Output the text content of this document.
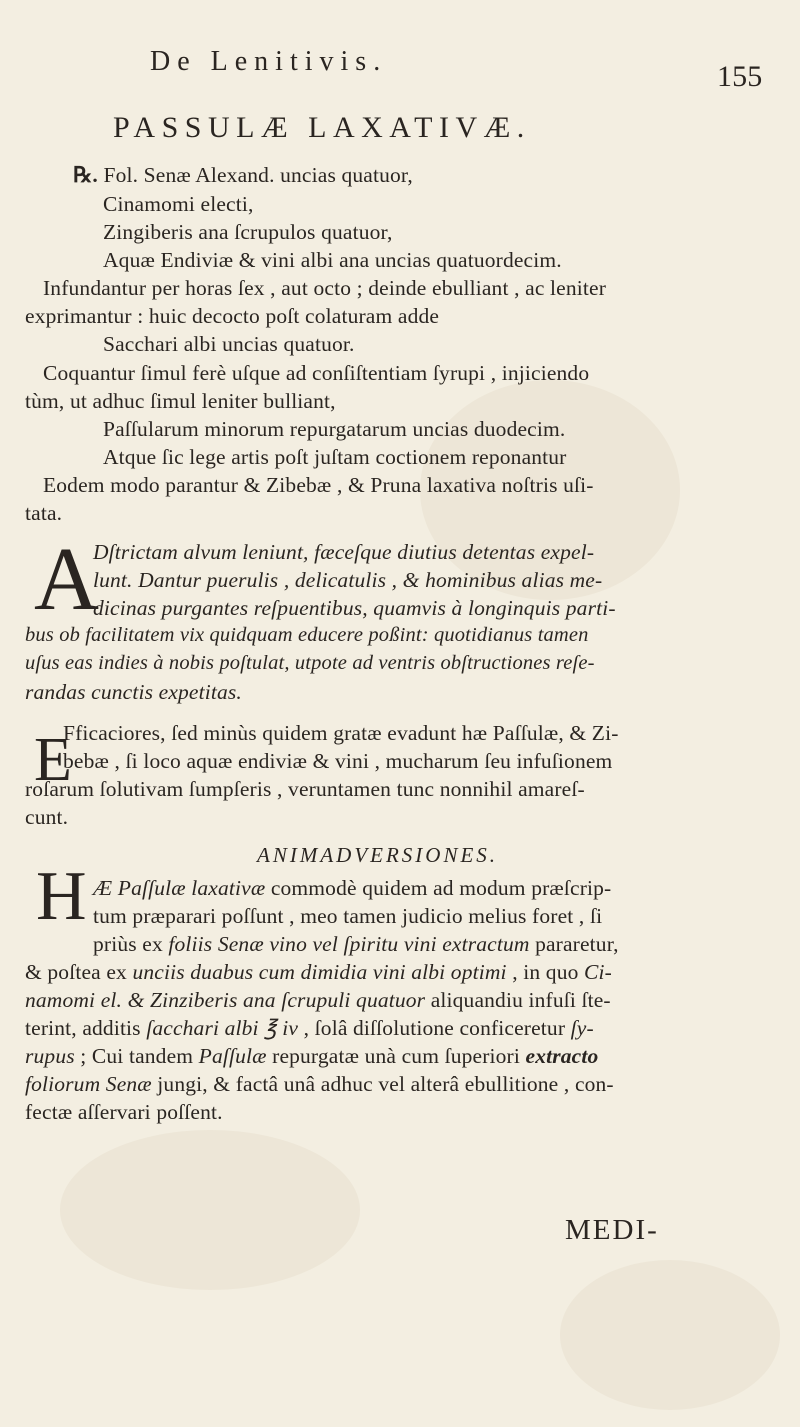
De Lenitivis.	155
PASSULÆ LAXATIVÆ.
℞. Fol. Senæ Alexand. uncias quatuor,
Cinamomi electi,
Zingiberis ana ſcrupulos quatuor,
Aquæ Endiviæ & vini albi ana uncias quatuordecim.
Infundantur per horas ſex , aut octo ; deinde ebulliant , ac leniter
exprimantur : huic decocto poſt colaturam adde
Sacchari albi uncias quatuor.
Coquantur ſimul ferè uſque ad conſiſtentiam ſyrupi , injiciendo
tùm, ut adhuc ſimul leniter bulliant,
Paſſularum minorum repurgatarum uncias duodecim.
Atque ſic lege artis poſt juſtam coctionem reponantur
Eodem modo parantur & Zibebæ , & Pruna laxativa noſtris uſi-
tata.
A
Dſtrictam alvum leniunt, fæceſque diutius detentas expel-
lunt. Dantur puerulis , delicatulis , & hominibus alias me-
dicinas purgantes reſpuentibus, quamvis à longinquis parti-
bus ob facilitatem vix quidquam educere poßint: quotidianus tamen
uſus eas indies à nobis poſtulat, utpote ad ventris obſtructiones reſe-
randas cunctis expetitas.
E
Fficaciores, ſed minùs quidem gratæ evadunt hæ Paſſulæ, & Zi-
bebæ , ſi loco aquæ endiviæ & vini , mucharum ſeu infuſionem
roſarum ſolutivam ſumpſeris , veruntamen tunc nonnihil amareſ-
cunt.
ANIMADVERSIONES.
H Æ Paſſulæ laxativæ commodè quidem ad modum præſcrip-
tum præparari poſſunt , meo tamen judicio melius foret , ſi
priùs ex foliis Senæ vino vel ſpiritu vini extractum pararetur,
& poſtea ex unciis duabus cum dimidia vini albi optimi , in quo Ci-
namomi el. & Zinziberis ana ſcrupuli quatuor aliquandiu infuſi ſte-
terint, additis ſacchari albi ℥ iv , ſolâ diſſolutione conficeretur ſy-
rupus ; Cui tandem Paſſulæ repurgatæ unà cum ſuperiori extracto
foliorum Senæ jungi, & factâ unâ adhuc vel alterâ ebullitione , con-
fectæ aſſervari poſſent.
MEDI-
